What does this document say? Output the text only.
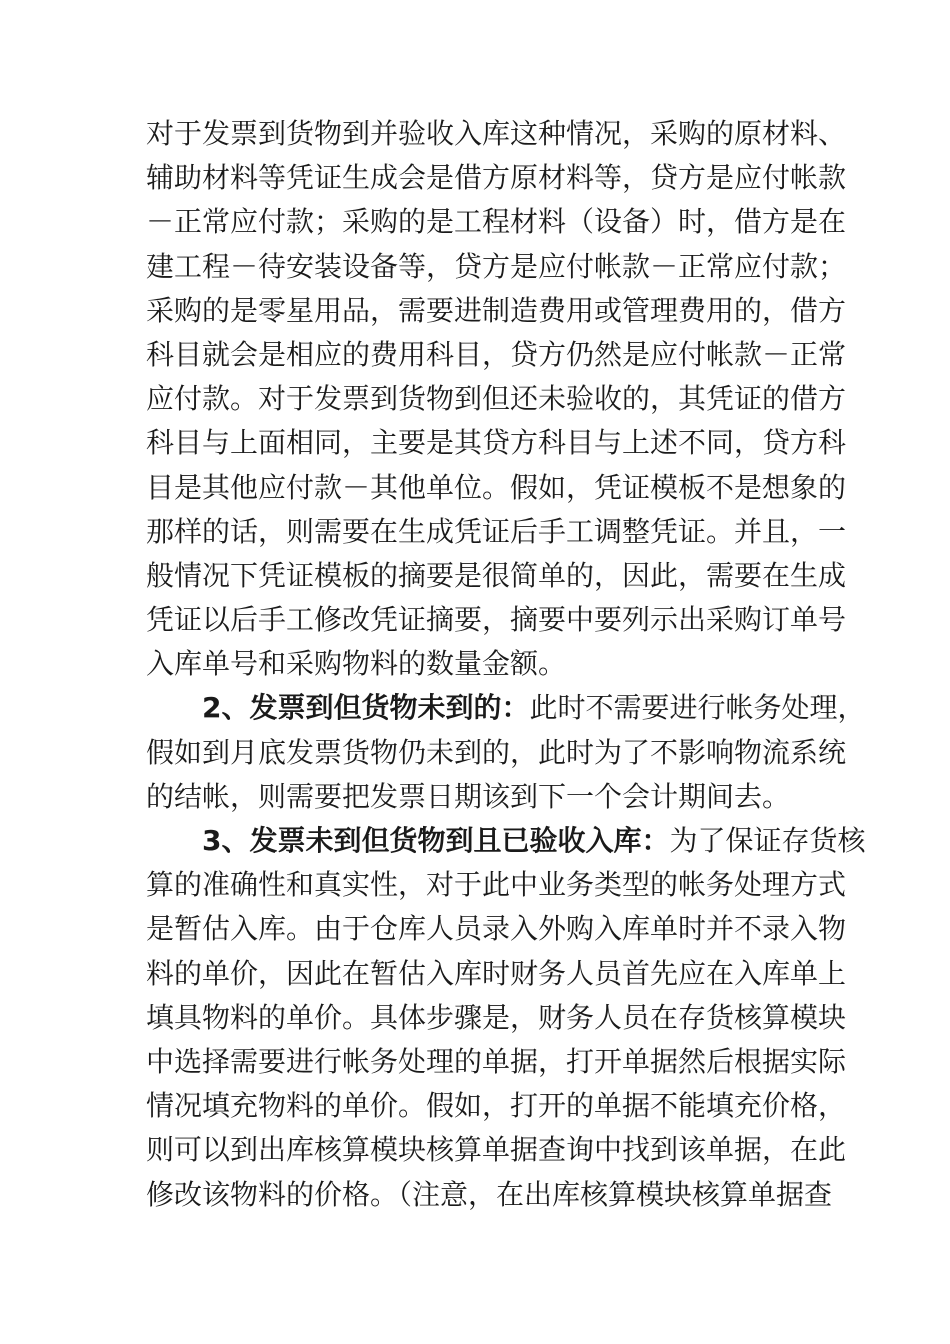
对于发票到货物到并验收入库这种情况，采购的原材料、
辅助材料等凭证生成会是借方原材料等，贷方是应付帐款
－正常应付款；采购的是工程材料（设备）时，借方是在
建工程－待安装设备等，贷方是应付帐款－正常应付款；
采购的是零星用品，需要进制造费用或管理费用的，借方
科目就会是相应的费用科目，贷方仍然是应付帐款－正常
应付款。对于发票到货物到但还未验收的，其凭证的借方
科目与上面相同，主要是其贷方科目与上述不同，贷方科
目是其他应付款－其他单位。假如，凭证模板不是想象的
那样的话，则需要在生成凭证后手工调整凭证。并且，一
般情况下凭证模板的摘要是很简单的，因此，需要在生成
凭证以后手工修改凭证摘要，摘要中要列示出采购订单号
入库单号和采购物料的数量金额。
2、发票到但货物未到的：此时不需要进行帐务处理，
假如到月底发票货物仍未到的，此时为了不影响物流系统
的结帐，则需要把发票日期该到下一个会计期间去。
3、发票未到但货物到且已验收入库：为了保证存货核
算的准确性和真实性，对于此中业务类型的帐务处理方式
是暂估入库。由于仓库人员录入外购入库单时并不录入物
料的单价，因此在暂估入库时财务人员首先应在入库单上
填具物料的单价。具体步骤是，财务人员在存货核算模块
中选择需要进行帐务处理的单据，打开单据然后根据实际
情况填充物料的单价。假如，打开的单据不能填充价格，
则可以到出库核算模块核算单据查询中找到该单据，在此
修改该物料的价格。（注意，在出库核算模块核算单据查
